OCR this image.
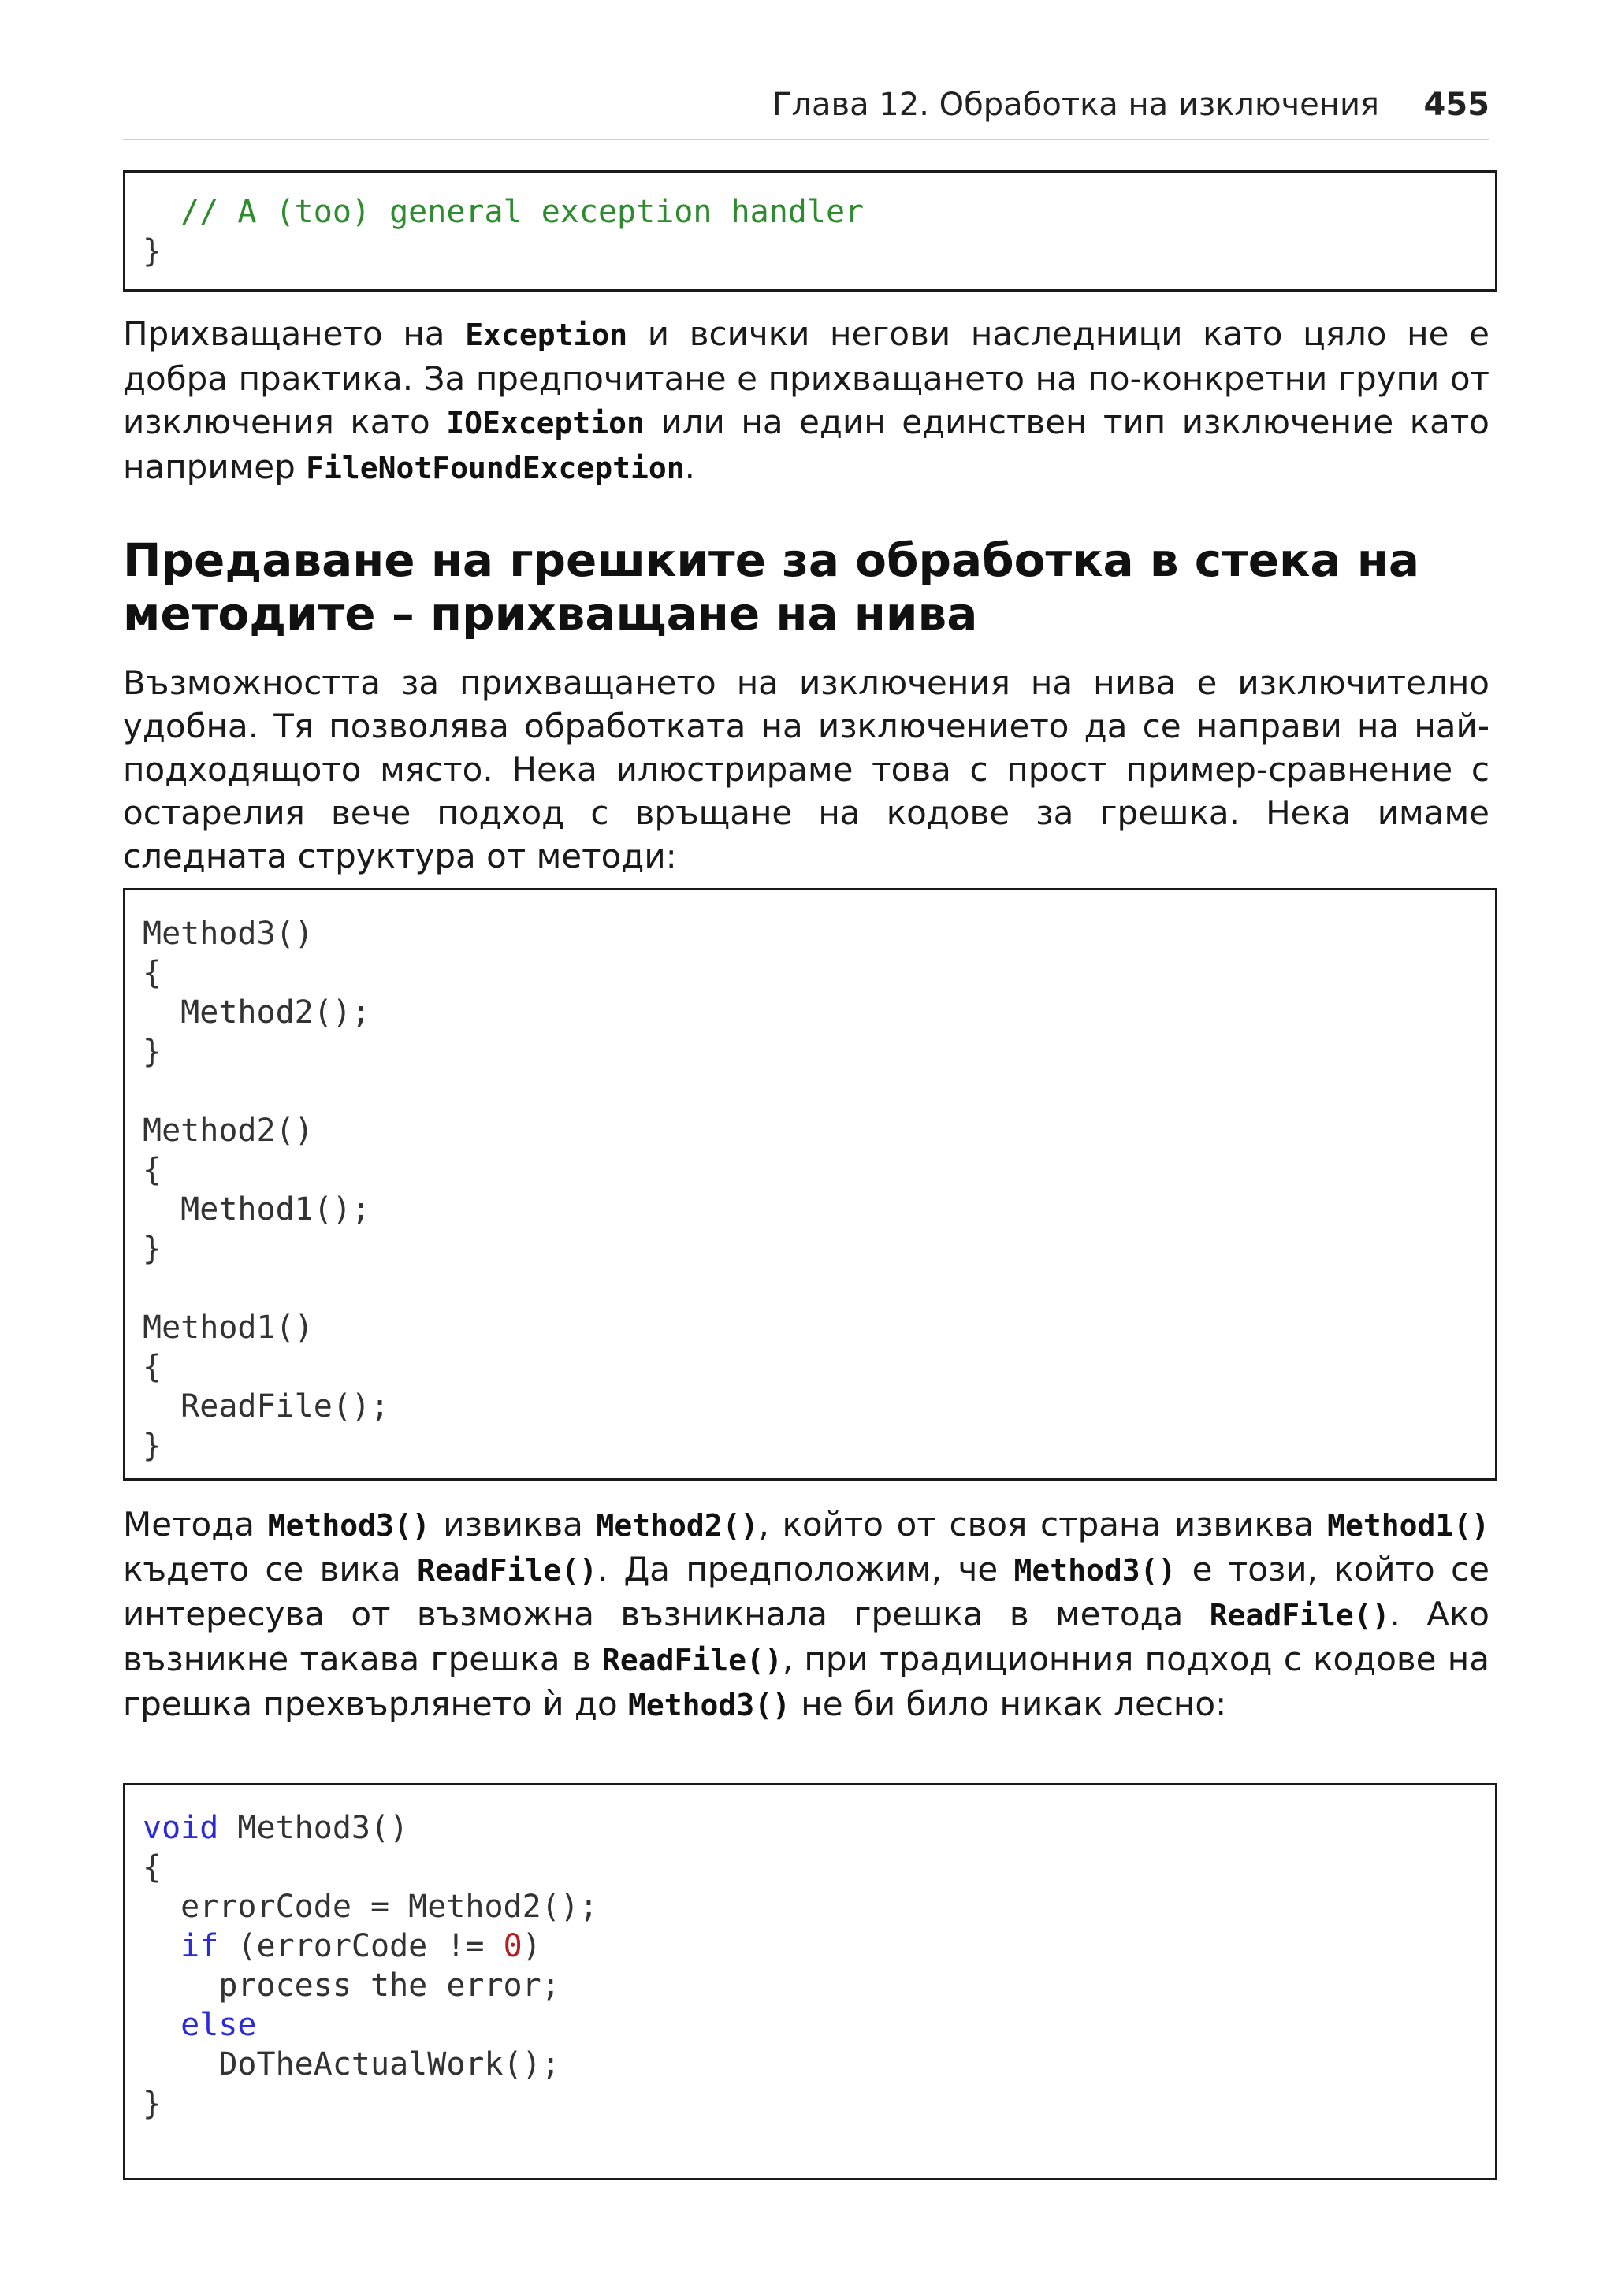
Глава 12. Обработка на изключения 455
// A (too) general exception handler
}
Прихващането на Exception и всички негови наследници като цяло не е добра практика. За предпочитане е прихващането на по-конкретни групи от изключения като IOException или на един единствен тип изключение като например FileNotFoundException.
Предаване на грешките за обработка в стека на
методите – прихващане на нива
Възможността за прихващането на изключения на нива е изключително удобна. Тя позволява обработката на изключението да се направи на най-подходящото място. Нека илюстрираме това с прост пример-сравнение с остарелия вече подход с връщане на кодове за грешка. Нека имаме следната структура от методи:
Method3()
{
Method2();
}

Method2()
{
Method1();
}

Method1()
{
ReadFile();
}
Метода Method3() извиква Method2(), който от своя страна извиква Method1() където се вика ReadFile(). Да предположим, че Method3() е този, който се интересува от възможна възникнала грешка в метода ReadFile(). Ако възникне такава грешка в ReadFile(), при традиционния подход с кодове на грешка прехвърлянето ѝ до Method3() не би било никак лесно:
void Method3()
{
errorCode = Method2();
if (errorCode != 0)
process the error;
else
DoTheActualWork();
}
